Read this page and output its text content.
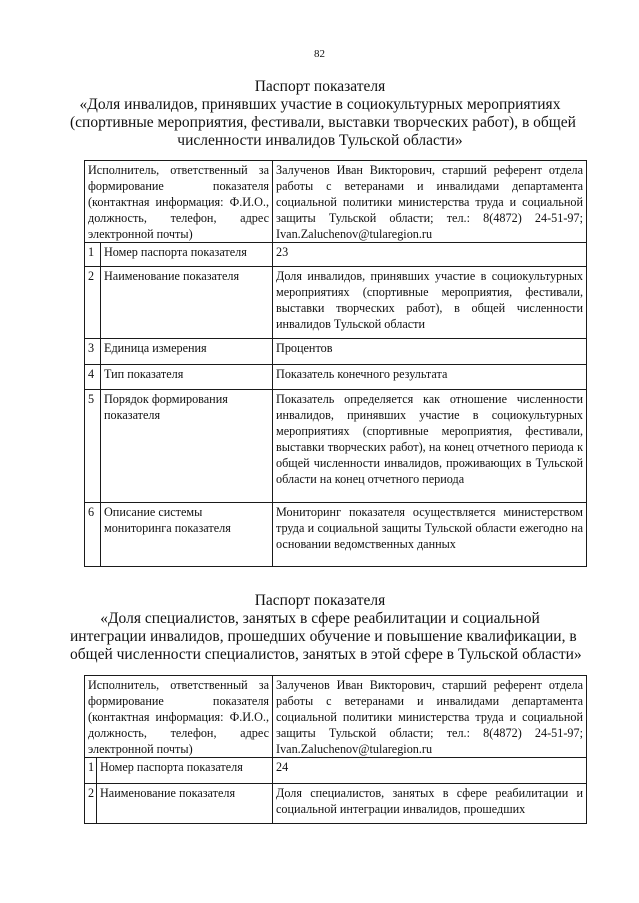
82
Паспорт показателя
«Доля инвалидов, принявших участие в социокультурных мероприятиях
(спортивные мероприятия, фестивали, выставки творческих работ), в общей
численности инвалидов Тульской области»
Исполнитель, ответственный за формирование показателя (контактная информация: Ф.И.О., должность, телефон, адрес электронной почты)		Залученов Иван Викторович, старший референт отдела работы с ветеранами и инвалидами департамента социальной политики министерства труда и социальной защиты Тульской области; тел.: 8(4872) 24-51-97; Ivan.Zaluchenov@tularegion.ru
1	Номер паспорта показателя	23
2	Наименование показателя	Доля инвалидов, принявших участие в социокультурных мероприятиях (спортивные мероприятия, фестивали, выставки творческих работ), в общей численности инвалидов Тульской области
3	Единица измерения	Процентов
4	Тип показателя	Показатель конечного результата
5	Порядок формирования показателя	Показатель определяется как отношение численности инвалидов, принявших участие в социокультурных мероприятиях (спортивные мероприятия, фестивали, выставки творческих работ), на конец отчетного периода к общей численности инвалидов, проживающих в Тульской области на конец отчетного периода
6	Описание системы мониторинга показателя	Мониторинг показателя осуществляется министерством труда и социальной защиты Тульской области ежегодно на основании ведомственных данных
Паспорт показателя
«Доля специалистов, занятых в сфере реабилитации и социальной
интеграции инвалидов, прошедших обучение и повышение квалификации, в
общей численности специалистов, занятых в этой сфере в Тульской области»
Исполнитель, ответственный за формирование показателя (контактная информация: Ф.И.О., должность, телефон, адрес электронной почты)		Залученов Иван Викторович, старший референт отдела работы с ветеранами и инвалидами департамента социальной политики министерства труда и социальной защиты Тульской области; тел.: 8(4872) 24-51-97; Ivan.Zaluchenov@tularegion.ru
1	Номер паспорта показателя	24
2	Наименование показателя	Доля специалистов, занятых в сфере реабилитации и социальной интеграции инвалидов, прошедших
